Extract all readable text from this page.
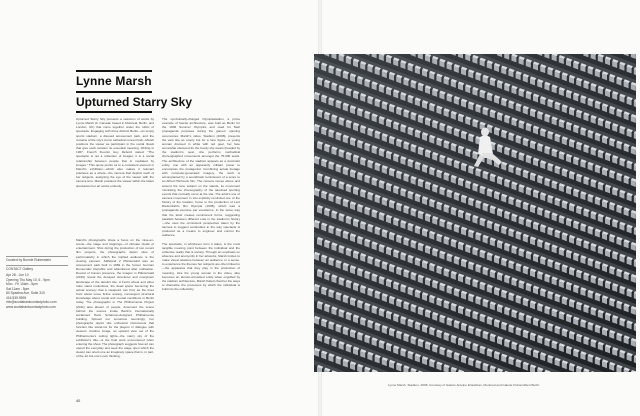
Lynne Marsh
Upturned Starry Sky

Upturned Starry Sky presents a selection of works by Lynne Marsh (b. Canada; based in Montreal, Berlin, and London, UK) that come together under the rubric of spectacle. Engaging with three distinct Berlin—an empty sports stadium, a disused amusement park, and the remains of the city's iconic cathedral concert hall—Marsh positions the viewer as participant in the social rituals that give each location its essential meaning. Writing in 1967, French theorist Guy Debord stated: "The spectacle is not a collection of images; it is a social relationship between people that is mediated by images." This quote points us to a consistent element in Marsh's exhibition—which also makes it relevant practices as a whole—the camera that depicts each of her subjects, assigning the eye of the viewer with the camera lens. Marsh positions the viewer within the latent spectacles her art works embody.

Marsh's photographs share a focus on the mise-en-scène—the stage and trappings—of intricate rituals of entertainment. Shot during the production of two recent film projects, the photographs depict sites of performativity in which the implied audience is the viewing element. Stillstand 2 Plänterwald was an amusement park built in 1969 in the former German Democratic Republic and abandoned after unification. Devoid of human presence, the images in Plänterwald (2010) reveal the decayed structures and overgrown landscape of the derelict site. A Ferris wheel and other rides stand motionless, the dead space becoming the actual scenery that a viewpoint can find, as the lines buzz about some fictive anxiety, convergent structural knowledge about social and mental conditions in Berlin today. The photographs in The Philharmonie Project (2011) also absent of people, document the scene behind the scenes inside Berlin's internationally acclaimed Hans Scharoun-designed Philharmonie building. Spread out somehow seemingly, her photographs depict idle orchestral instruments that function like stand-ins for the players in dialogue with viewers. Another image, an upward view out of the Philharmonie's ceiling lights—the starry sky of the exhibition's title—is the final work encountered when entering the show. The photograph suggests how art can upend the everyday and seek the stage upon which the viewer can orient one an imaginary space that is, in part, of the art but one's own thinking.

The symbolically-charged Olympiastadion, a prime example of fascist architecture, was built as Berlin for the 1936 Summer Olympics and used for Nazi propaganda purposes during the games' opening ceremonies. Marsh's video, Stadium (2008), presents the vast site as empty but for a lone figure—a young woman dressed in white with red gear, her face somewhat obscured for the hoody she wears (headed by the stadium's seat, she performs methodical choreographed movements amongst the 75,000 seats. The architecture of the stadium appears as a dominant entity, one with an apparently militant power to encompass the protagonist. Combining actual footage with computer-generated imagery, the work is accompanied by a soundtrack reminiscent of a score to an Alfred Hitchcock film. The camera moves above and around the lone subject on the stands, its movement mimicking the choreography of the televised sporting events that normally occur at the site. The artist's use of camera movement in situ explicitly reminded one of the history of the location, home to the production of Leni Riefenstahl's film Olympia (1938), which was a propaganda exercise par excellence. In the same way that the artist creates reminiscent forms, suggesting parallels between different eras in the stadium's history—she uses the omniscient perspective taken by the camera to suggest continuities in the way spectacle is produced as a means to engineer and control the audience.

The spectacle, in whichever form it takes, is the most tangible meeting point between the individual and the collective reality that is society. Through an emphasis on absence and anonymity in her artworks, Marsh invites to make visual relations between an audience, in a sense, to experience the themes her subjects are often linked to—the apparatus that they play in the production of meaning. Like the young woman in the video, who becomes an almost-unmarked entity when engulfed by the stadium architecture, Marsh flutters that her the ways to dramatize the processes by which the individual is built into the collectivity.

Curated by Bonnie Rubenstein
CONTACT Gallery
Apr 28 - Jun 10
Opening Thu May 10, 6 - 9pm
Mon - Fri 10am - 5pm
Sat 11am - 5pm
80 Spadina Ave, Suite 310
416.539.9595
info@scotiabankcontactphoto.com
www.scotiabankcontactphoto.com
40
Lynne Marsh, Stadium, 2008. Courtesy of Galerie Antoine Ertaskiran, Montreal and Galerie Florian Ellert Berlin
